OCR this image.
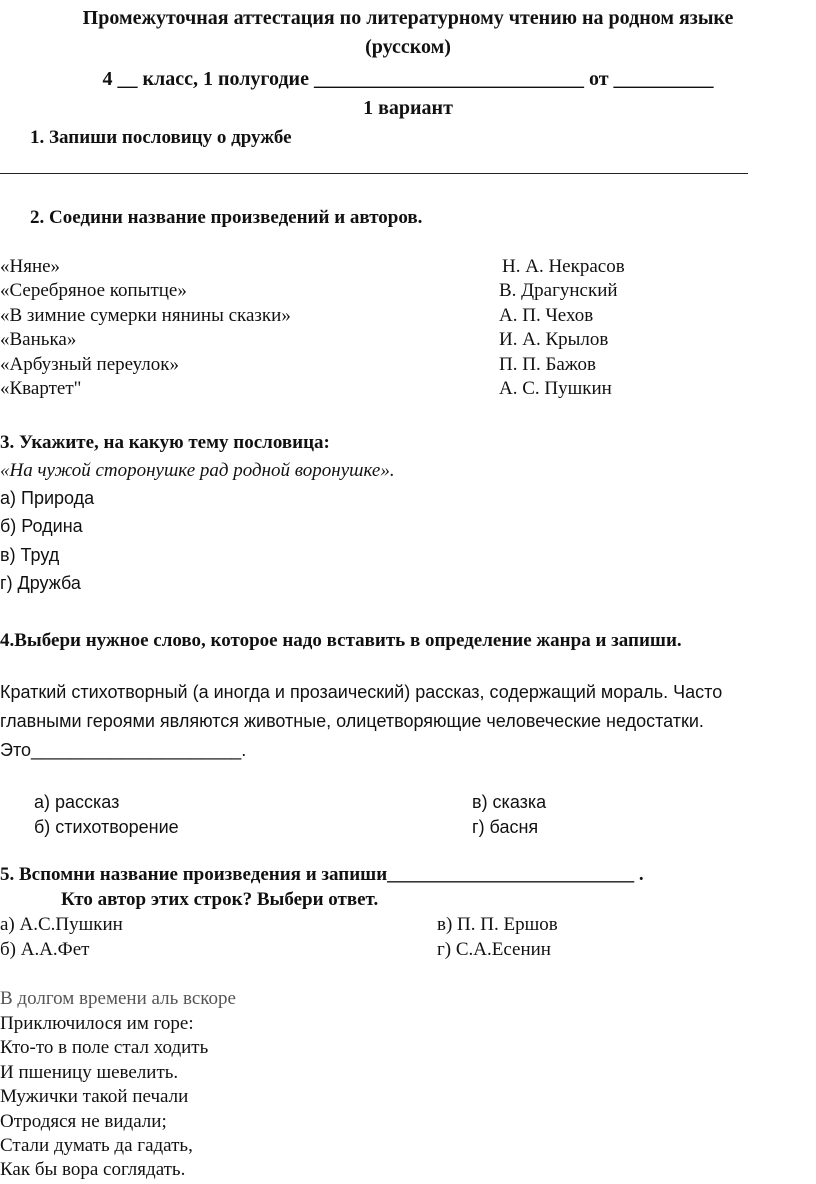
Промежуточная аттестация по литературному чтению на родном языке
(русском)
4 __ класс, 1 полугодие ___________________________ от __________
1 вариант
1. Запиши пословицу о дружбе
2. Соедини название произведений и авторов.
«Няне»
«Серебряное копытце»
«В зимние сумерки нянины сказки»
«Ванька»
«Арбузный переулок»
«Квартет"
Н. А. Некрасов
В. Драгунский
А. П. Чехов
И. А. Крылов
П. П. Бажов
А. С. Пушкин
3. Укажите, на какую тему пословица:
«На чужой сторонушке рад родной воронушке».
а) Природа
б) Родина
в) Труд
г) Дружба
4.Выбери нужное слово, которое надо вставить в определение жанра и запиши.
Краткий стихотворный (а иногда и прозаический) рассказ, содержащий мораль. Часто
главными героями являются животные, олицетворяющие человеческие недостатки.
Это_____________________.
а) рассказ
б) стихотворение
в) сказка
г) басня
5. Вспомни название произведения и запиши__________________________ .
Кто автор этих строк? Выбери ответ.
а) А.С.Пушкин
б) А.А.Фет
в) П. П. Ершов
г) С.А.Есенин
В долгом времени аль вскоре
Приключилося им горе:
Кто-то в поле стал ходить
И пшеницу шевелить.
Мужички такой печали
Отродяся не видали;
Стали думать да гадать,
Как бы вора соглядать.
